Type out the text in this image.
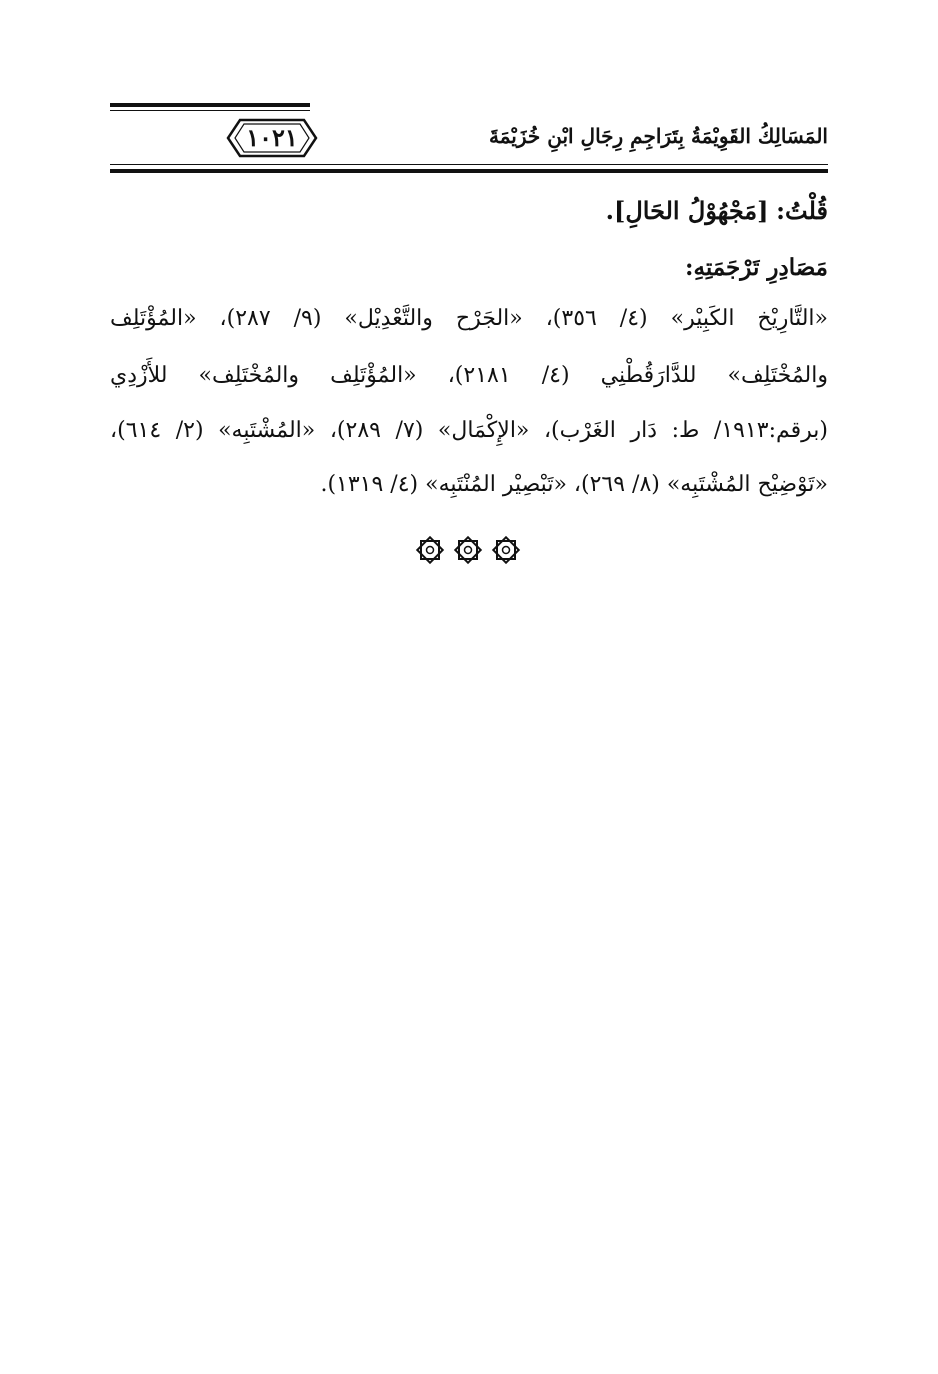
١٠٢١	المَسَالِكُ القَوِيْمَةُ بِتَرَاجِمِ رِجَالِ ابْنِ خُزَيْمَةَ
قُلْتُ: [مَجْهُوْلُ الحَالِ].
مَصَادِرِ تَرْجَمَتِهِ:
«التَّارِيْخ الكَبِيْر» (٤/ ٣٥٦)، «الجَرْح والتَّعْدِيْل» (٩/ ٢٨٧)، «المُؤْتَلِف
والمُخْتَلِف» للدَّارَقُطْنِي (٤/ ٢١٨١)، «المُؤْتَلِف والمُخْتَلِف» للأَزْدِي
(برقم:١٩١٣/ ط: دَار الغَرْب)، «الإِكْمَال» (٧/ ٢٨٩)، «المُشْتَبِه» (٢/ ٦١٤)،
«تَوْضِيْح المُشْتَبِه» (٨/ ٢٦٩)، «تَبْصِيْر المُنْتَبِه» (٤/ ١٣١٩).
